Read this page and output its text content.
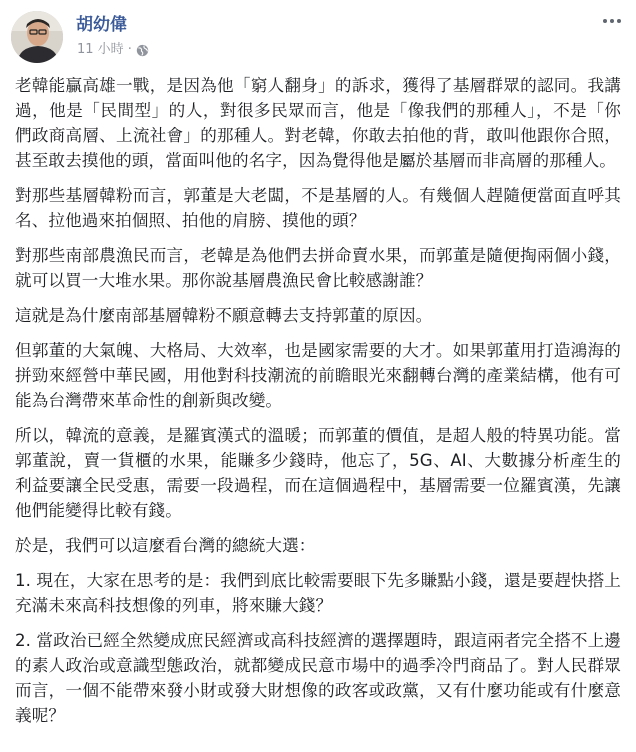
胡幼偉
11 小時 ·

老韓能贏高雄一戰，是因為他「窮人翻身」的訴求，獲得了基層群眾的認同。我講過，他是「民間型」的人，對很多民眾而言，他是「像我們的那種人」，不是「你們政商高層、上流社會」的那種人。對老韓，你敢去拍他的背，敢叫他跟你合照，甚至敢去摸他的頭，當面叫他的名字，因為覺得他是屬於基層而非高層的那種人。

對那些基層韓粉而言，郭董是大老闆，不是基層的人。有幾個人趕隨便當面直呼其名、拉他過來拍個照、拍他的肩膀、摸他的頭？

對那些南部農漁民而言，老韓是為他們去拼命賣水果，而郭董是隨便掏兩個小錢，就可以買一大堆水果。那你說基層農漁民會比較感謝誰？

這就是為什麼南部基層韓粉不願意轉去支持郭董的原因。

但郭董的大氣魄、大格局、大效率，也是國家需要的大才。如果郭董用打造鴻海的拼勁來經營中華民國，用他對科技潮流的前瞻眼光來翻轉台灣的產業結構，他有可能為台灣帶來革命性的創新與改變。

所以，韓流的意義，是羅賓漢式的溫暖；而郭董的價值，是超人般的特異功能。當郭董說，賣一貨櫃的水果，能賺多少錢時，他忘了，5G、AI、大數據分析產生的利益要讓全民受惠，需要一段過程，而在這個過程中，基層需要一位羅賓漢，先讓他們能變得比較有錢。

於是，我們可以這麼看台灣的總統大選：

1. 現在，大家在思考的是：我們到底比較需要眼下先多賺點小錢，還是要趕快搭上充滿未來高科技想像的列車，將來賺大錢？

2. 當政治已經全然變成庶民經濟或高科技經濟的選擇題時，跟這兩者完全搭不上邊的素人政治或意識型態政治，就都變成民意市場中的過季冷門商品了。對人民群眾而言，一個不能帶來發小財或發大財想像的政客或政黨，又有什麼功能或有什麼意義呢？
